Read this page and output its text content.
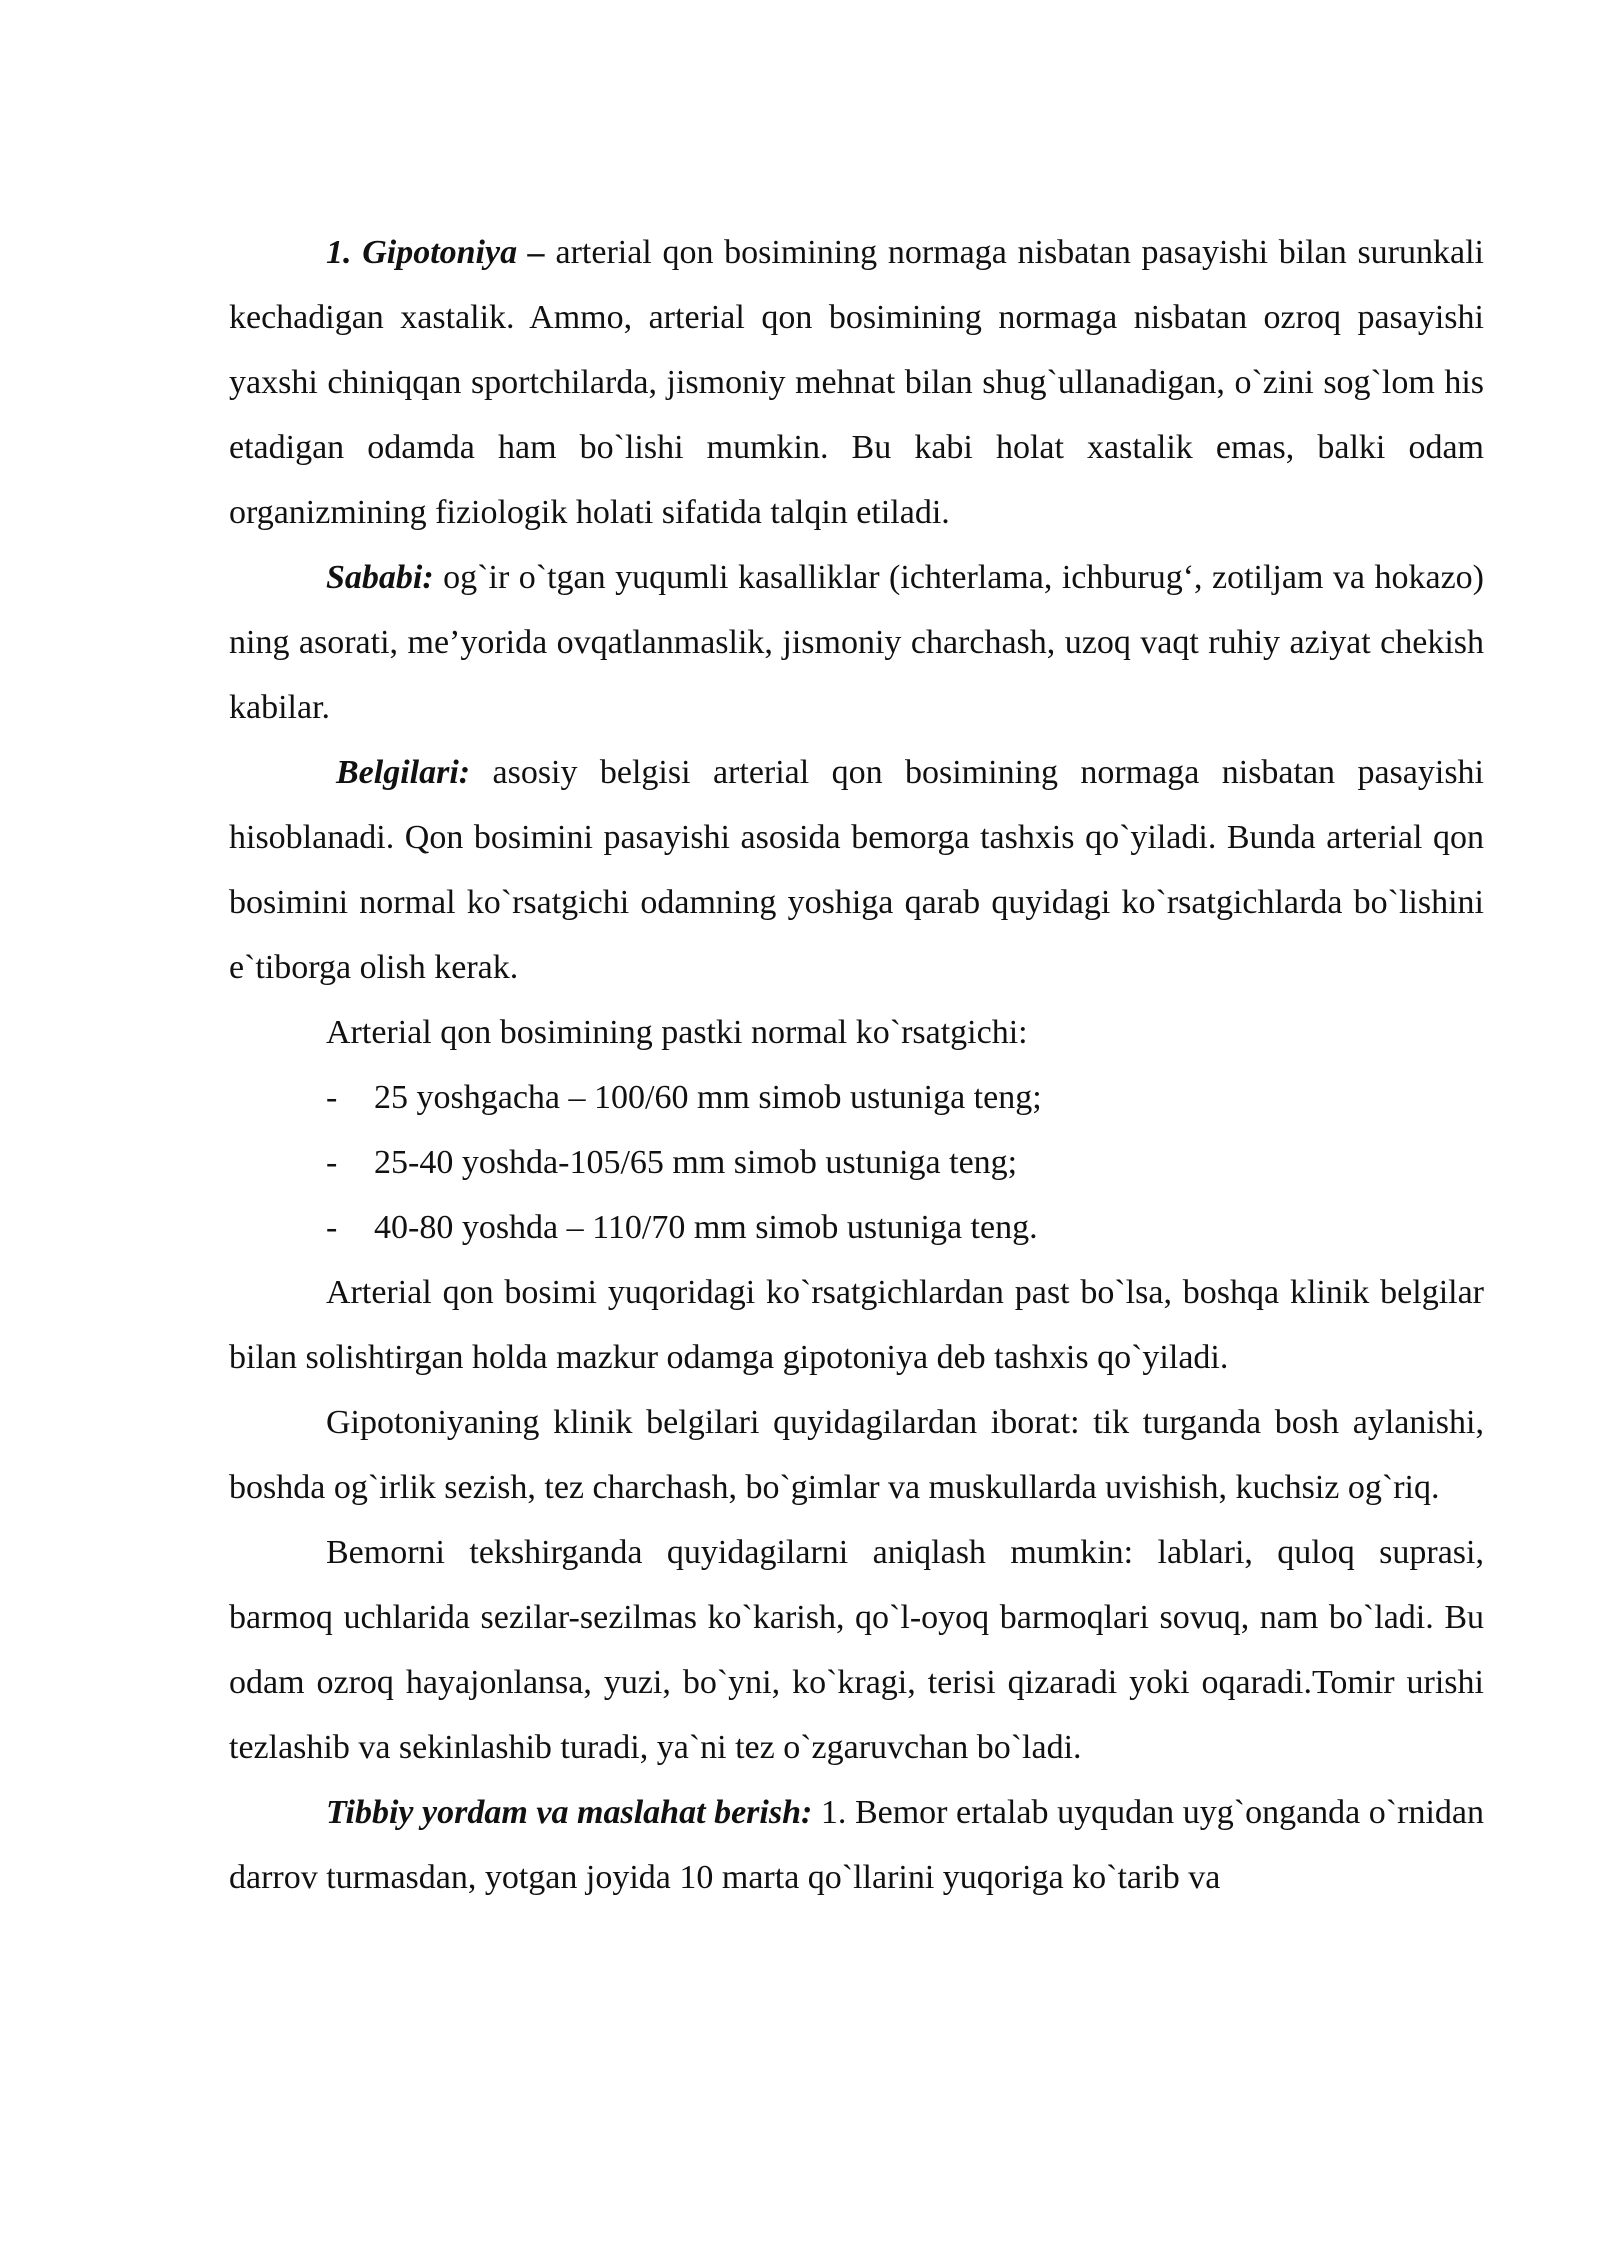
1. Gipotoniya – arterial qon bosimining normaga nisbatan pasayishi bilan surunkali kechadigan xastalik. Ammo, arterial qon bosimining normaga nisbatan ozroq pasayishi yaxshi chiniqqan sportchilarda, jismoniy mehnat bilan shug`ullanadigan, o`zini sog`lom his etadigan odamda ham bo`lishi mumkin. Bu kabi holat xastalik emas, balki odam organizmining fiziologik holati sifatida talqin etiladi.

Sababi: og`ir o`tgan yuqumli kasalliklar (ichterlama, ichburug‘, zotiljam va hokazo) ning asorati, me’yorida ovqatlanmaslik, jismoniy charchash, uzoq vaqt ruhiy aziyat chekish kabilar.

Belgilari: asosiy belgisi arterial qon bosimining normaga nisbatan pasayishi hisoblanadi. Qon bosimini pasayishi asosida bemorga tashxis qo`yiladi. Bunda arterial qon bosimini normal ko`rsatgichi odamning yoshiga qarab quyidagi ko`rsatgichlarda bo`lishini e`tiborga olish kerak.

Arterial qon bosimining pastki normal ko`rsatgichi:

- 25 yoshgacha – 100/60 mm simob ustuniga teng;
- 25-40 yoshda-105/65 mm simob ustuniga teng;
- 40-80 yoshda – 110/70 mm simob ustuniga teng.

Arterial qon bosimi yuqoridagi ko`rsatgichlardan past bo`lsa, boshqa klinik belgilar bilan solishtirgan holda mazkur odamga gipotoniya deb tashxis qo`yiladi.

Gipotoniyaning klinik belgilari quyidagilardan iborat: tik turganda bosh aylanishi, boshda og`irlik sezish, tez charchash, bo`gimlar va muskullarda uvishish, kuchsiz og`riq.

Bemorni tekshirganda quyidagilarni aniqlash mumkin: lablari, quloq suprasi, barmoq uchlarida sezilar-sezilmas ko`karish, qo`l-oyoq barmoqlari sovuq, nam bo`ladi. Bu odam ozroq hayajonlansa, yuzi, bo`yni, ko`kragi, terisi qizaradi yoki oqaradi.Tomir urishi tezlashib va sekinlashib turadi, ya`ni tez o`zgaruvchan bo`ladi.

Tibbiy yordam va maslahat berish: 1. Bemor ertalab uyqudan uyg`onganda o`rnidan darrov turmasdan, yotgan joyida 10 marta qo`llarini yuqoriga ko`tarib va
